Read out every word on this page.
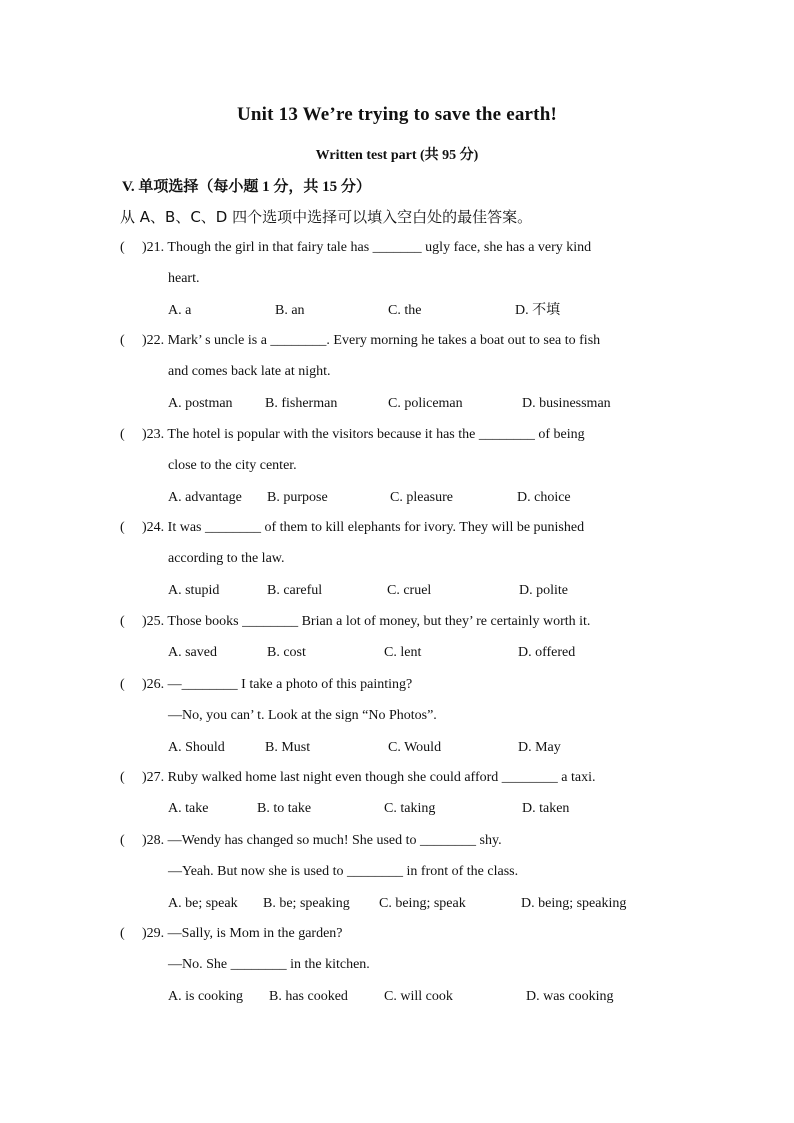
Unit 13 We’re trying to save the earth!
Written test part (共 95 分)
V. 单项选择（每小题 1 分，共 15 分）
从 A、B、C、D 四个选项中选择可以填入空白处的最佳答案。
( )21. Though the girl in that fairy tale has _______ ugly face, she has a very kind
heart.
A. a	B. an	C. the	D. 不填
( )22. Mark’ s uncle is a ________. Every morning he takes a boat out to sea to fish
and comes back late at night.
A. postman B. fisherman	C. policeman	D. businessman
( )23. The hotel is popular with the visitors because it has the ________ of being
close to the city center.
A. advantage B. purpose	C. pleasure	D. choice
( )24. It was ________ of them to kill elephants for ivory. They will be punished
according to the law.
A. stupid	B. careful	C. cruel	D. polite
( )25. Those books ________ Brian a lot of money, but they’ re certainly worth it.
A. saved	B. cost	C. lent	D. offered
( )26. —________ I take a photo of this painting?
—No, you can’ t. Look at the sign “No Photos”.
A. Should	B. Must	C. Would	D. May
( )27. Ruby walked home last night even though she could afford ________ a taxi.
A. take	B. to take	C. taking	D. taken
( )28. —Wendy has changed so much! She used to ________ shy.
—Yeah. But now she is used to ________ in front of the class.
A. be; speak B. be; speaking C. being; speak	D. being; speaking
( )29. —Sally, is Mom in the garden?
—No. She ________ in the kitchen.
A. is cooking B. has cooked	C. will cook	D. was cooking
